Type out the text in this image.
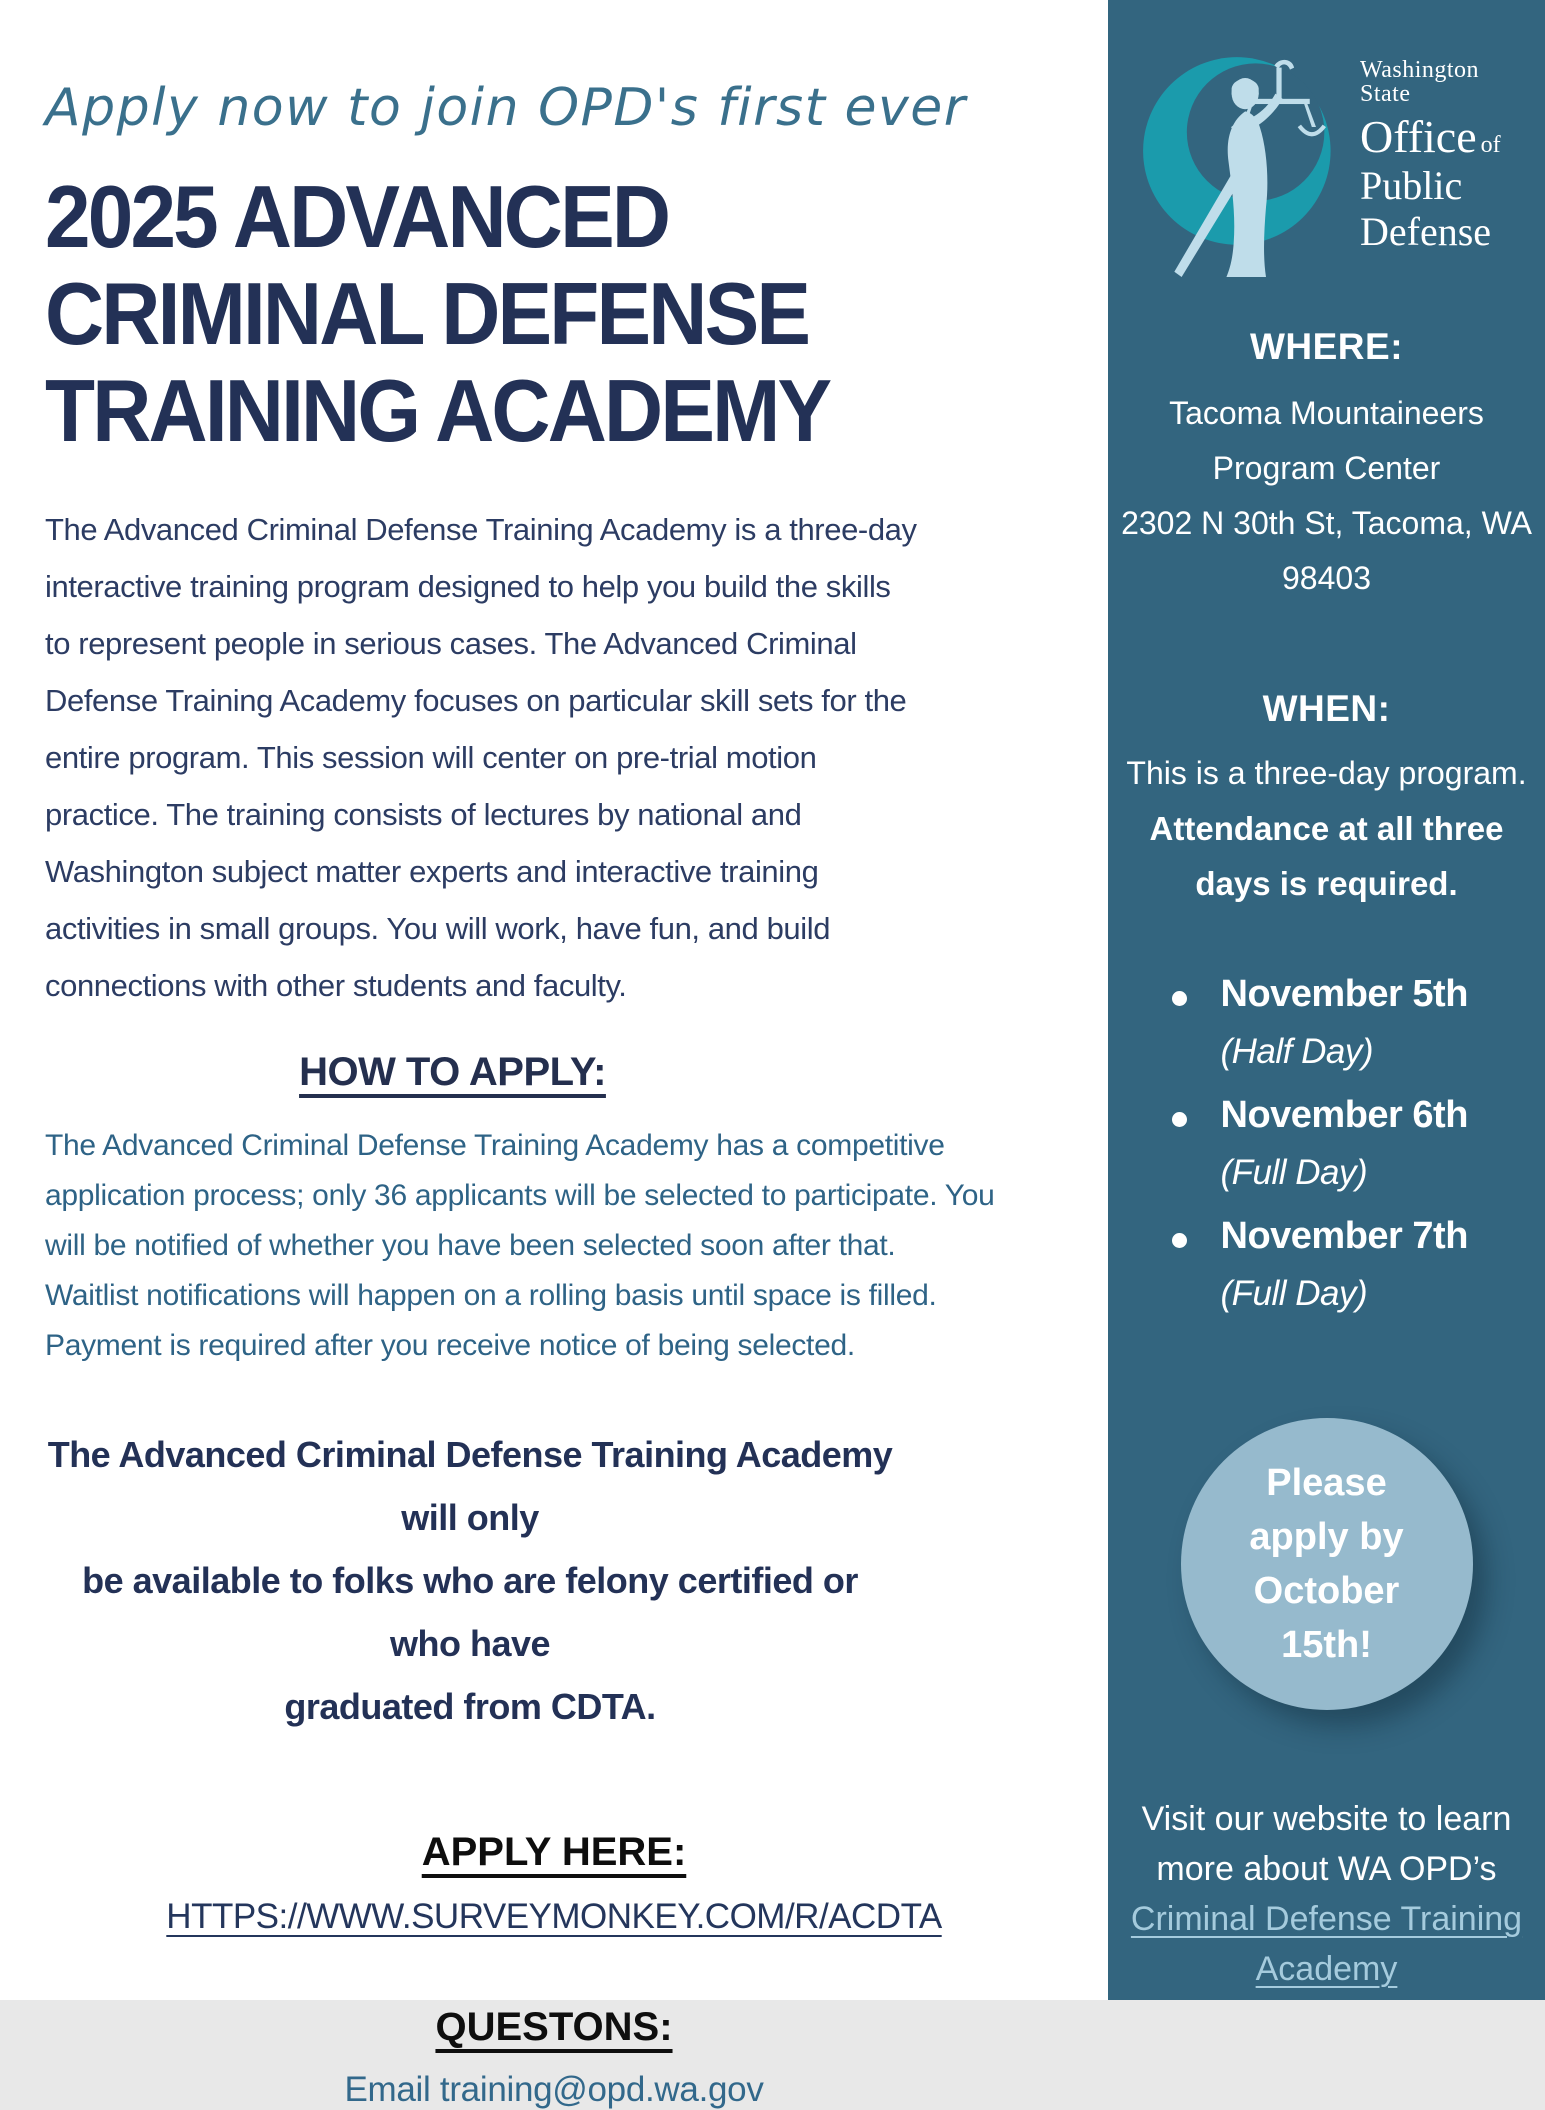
Apply now to join OPD's first ever
2025 ADVANCED
CRIMINAL DEFENSE
TRAINING ACADEMY
The Advanced Criminal Defense Training Academy is a three-day
interactive training program designed to help you build the skills
to represent people in serious cases. The Advanced Criminal
Defense Training Academy focuses on particular skill sets for the
entire program. This session will center on pre-trial motion
practice. The training consists of lectures by national and
Washington subject matter experts and interactive training
activities in small groups. You will work, have fun, and build
connections with other students and faculty.
HOW TO APPLY:
The Advanced Criminal Defense Training Academy has a competitive
application process; only 36 applicants will be selected to participate. You
will be notified of whether you have been selected soon after that.
Waitlist notifications will happen on a rolling basis until space is filled.
Payment is required after you receive notice of being selected.
The Advanced Criminal Defense Training Academy will only
be available to folks who are felony certified or who have
graduated from CDTA.
APPLY HERE:
HTTPS://WWW.SURVEYMONKEY.COM/R/ACDTA
QUESTONS:
Email training@opd.wa.gov
Washington State
Office of
Public
Defense
WHERE:
Tacoma Mountaineers
Program Center
2302 N 30th St, Tacoma, WA
98403
WHEN:
This is a three-day program.
Attendance at all three days is required.
November 5th
(Half Day)
November 6th
(Full Day)
November 7th
(Full Day)
Please apply by October 15th!
Visit our website to learn more about WA OPD’s Criminal Defense Training Academy
